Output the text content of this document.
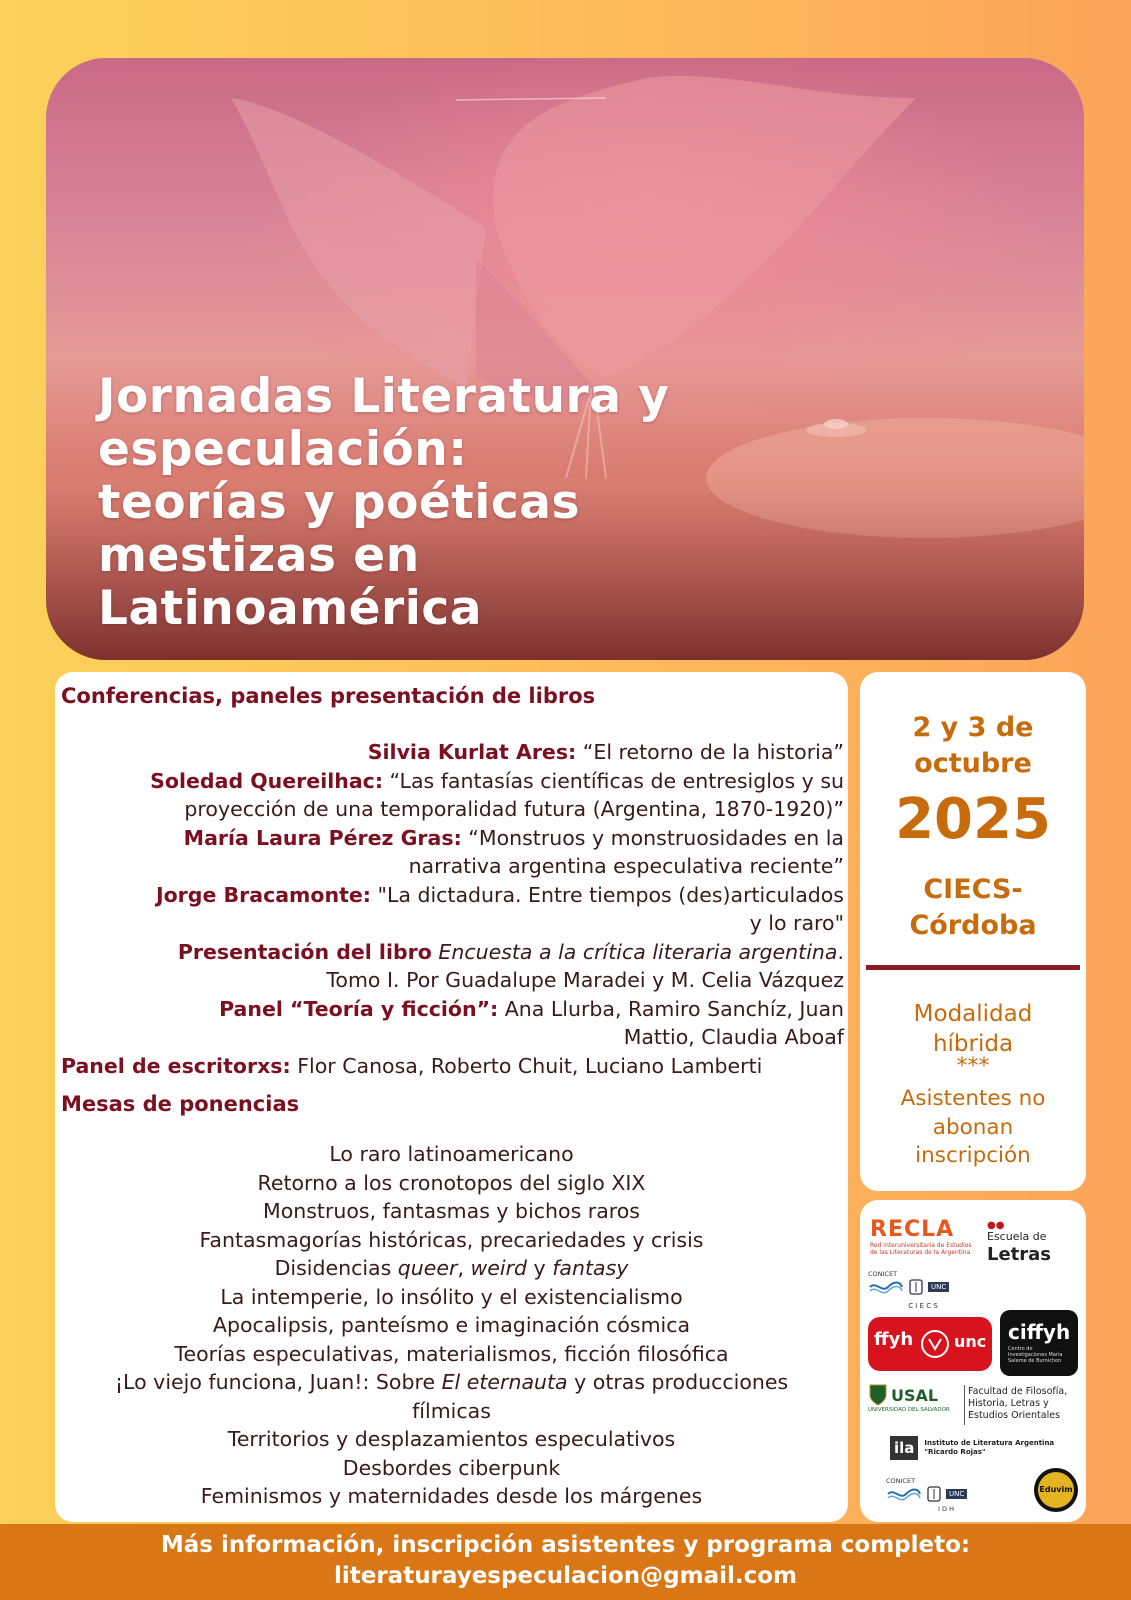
Jornadas Literatura y
especulación:
teorías y poéticas
mestizas en
Latinoamérica
Conferencias, paneles presentación de libros
Silvia Kurlat Ares: “El retorno de la historia”
Soledad Quereilhac: “Las fantasías científicas de entresiglos y su
proyección de una temporalidad futura (Argentina, 1870-1920)”
María Laura Pérez Gras: “Monstruos y monstruosidades en la
narrativa argentina especulativa reciente”
Jorge Bracamonte: "La dictadura. Entre tiempos (des)articulados
y lo raro"
Presentación del libro Encuesta a la crítica literaria argentina.
Tomo I. Por Guadalupe Maradei y M. Celia Vázquez
Panel “Teoría y ficción”: Ana Llurba, Ramiro Sanchíz, Juan
Mattio, Claudia Aboaf
Panel de escritorxs: Flor Canosa, Roberto Chuit, Luciano Lamberti
Mesas de ponencias
Lo raro latinoamericano
Retorno a los cronotopos del siglo XIX
Monstruos, fantasmas y bichos raros
Fantasmagorías históricas, precariedades y crisis
Disidencias queer, weird y fantasy
La intemperie, lo insólito y el existencialismo
Apocalipsis, panteísmo e imaginación cósmica
Teorías especulativas, materialismos, ficción filosófica
¡Lo viejo funciona, Juan!: Sobre El eternauta y otras producciones
fílmicas
Territorios y desplazamientos especulativos
Desbordes ciberpunk
Feminismos y maternidades desde los márgenes
2 y 3 de
octubre
2025
CIECS-
Córdoba
Modalidad
híbrida
***
Asistentes no
abonan
inscripción
RECLA
Red interuniversitaria de Estudios de las Literaturas de la Argentina
●●
Escuela de
Letras
CONICET
UNC
C I E C S
ffyh	unc ciffyh
Centro de Investigaciones María Saleme de Burnichon
USAL
UNIVERSIDAD DEL SALVADOR
Facultad de Filosofía, Historia, Letras y Estudios Orientales
ila	Instituto de Literatura Argentina "Ricardo Rojas"
CONICET
UNC
I D H
Eduvim
Más información, inscripción asistentes y programa completo:
literaturayespeculacion@gmail.com
